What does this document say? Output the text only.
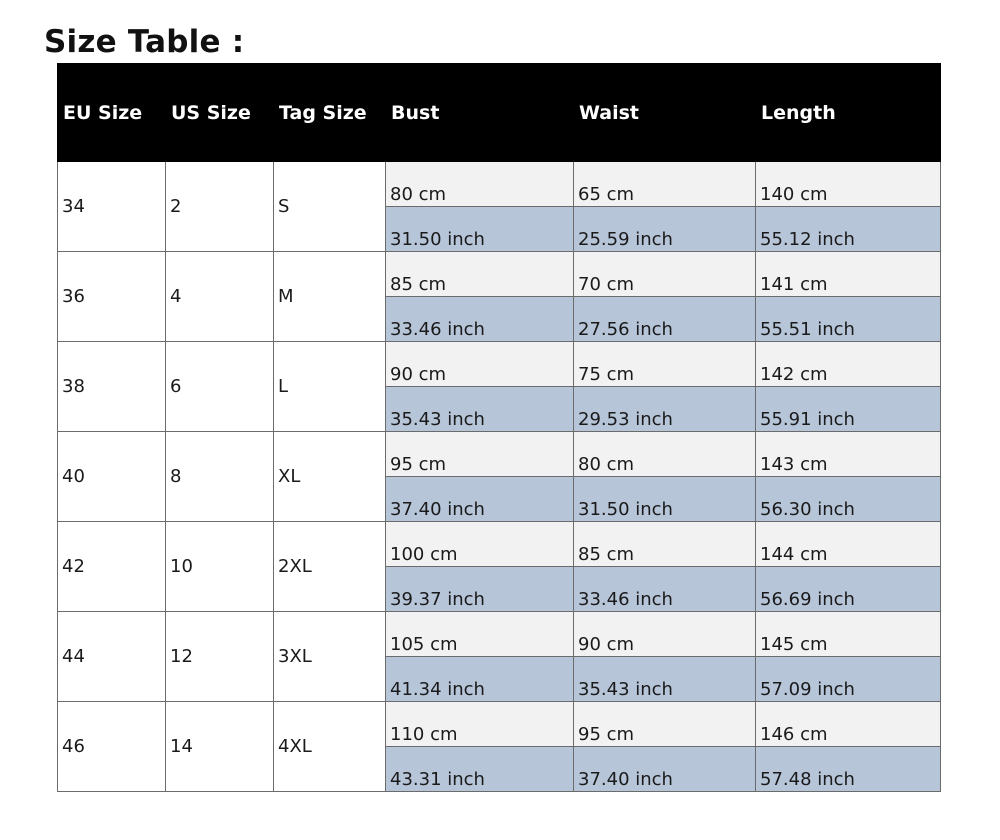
Size Table :
EU Size	US Size	Tag Size	Bust	Waist	Length
34	2	S	80 cm	65 cm	140 cm
			31.50 inch	25.59 inch	55.12 inch
36	4	M	85 cm	70 cm	141 cm
			33.46 inch	27.56 inch	55.51 inch
38	6	L	90 cm	75 cm	142 cm
			35.43 inch	29.53 inch	55.91 inch
40	8	XL	95 cm	80 cm	143 cm
			37.40 inch	31.50 inch	56.30 inch
42	10	2XL	100 cm	85 cm	144 cm
			39.37 inch	33.46 inch	56.69 inch
44	12	3XL	105 cm	90 cm	145 cm
			41.34 inch	35.43 inch	57.09 inch
46	14	4XL	110 cm	95 cm	146 cm
			43.31 inch	37.40 inch	57.48 inch
